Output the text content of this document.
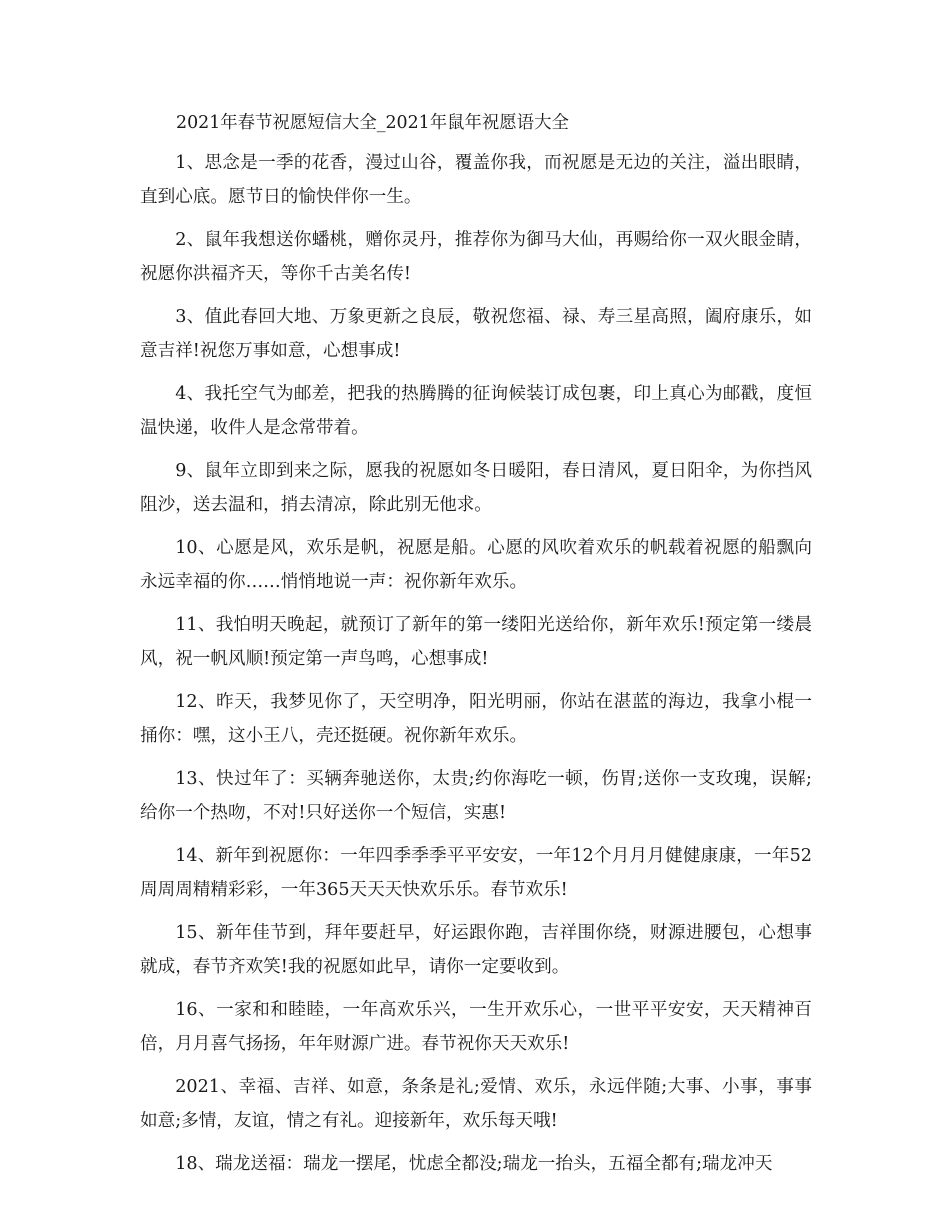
2021年春节祝愿短信大全_2021年鼠年祝愿语大全

1、思念是一季的花香，漫过山谷，覆盖你我，而祝愿是无边的关注，溢出眼睛，直到心底。愿节日的愉快伴你一生。

2、鼠年我想送你蟠桃，赠你灵丹，推荐你为御马大仙，再赐给你一双火眼金睛，祝愿你洪福齐天，等你千古美名传!

3、值此春回大地、万象更新之良辰，敬祝您福、禄、寿三星高照，阖府康乐，如意吉祥!祝您万事如意，心想事成!

4、我托空气为邮差，把我的热腾腾的征询候装订成包裹，印上真心为邮戳，度恒温快递，收件人是念常带着。

9、鼠年立即到来之际，愿我的祝愿如冬日暖阳，春日清风，夏日阳伞，为你挡风阻沙，送去温和，捎去清凉，除此别无他求。

10、心愿是风，欢乐是帆，祝愿是船。心愿的风吹着欢乐的帆载着祝愿的船飘向永远幸福的你……悄悄地说一声：祝你新年欢乐。

11、我怕明天晚起，就预订了新年的第一缕阳光送给你，新年欢乐!预定第一缕晨风，祝一帆风顺!预定第一声鸟鸣，心想事成!

12、昨天，我梦见你了，天空明净，阳光明丽，你站在湛蓝的海边，我拿小棍一捅你：嘿，这小王八，壳还挺硬。祝你新年欢乐。

13、快过年了：买辆奔驰送你，太贵;约你海吃一顿，伤胃;送你一支玫瑰，误解;给你一个热吻，不对!只好送你一个短信，实惠!

14、新年到祝愿你：一年四季季季平平安安，一年12个月月月健健康康，一年52周周周精精彩彩，一年365天天天快欢乐乐。春节欢乐!

15、新年佳节到，拜年要赶早，好运跟你跑，吉祥围你绕，财源进腰包，心想事就成，春节齐欢笑!我的祝愿如此早，请你一定要收到。

16、一家和和睦睦，一年高欢乐兴，一生开欢乐心，一世平平安安，天天精神百倍，月月喜气扬扬，年年财源广进。春节祝你天天欢乐!

2021、幸福、吉祥、如意，条条是礼;爱情、欢乐，永远伴随;大事、小事，事事如意;多情，友谊，情之有礼。迎接新年，欢乐每天哦!

18、瑞龙送福：瑞龙一摆尾，忧虑全都没;瑞龙一抬头，五福全都有;瑞龙冲天
